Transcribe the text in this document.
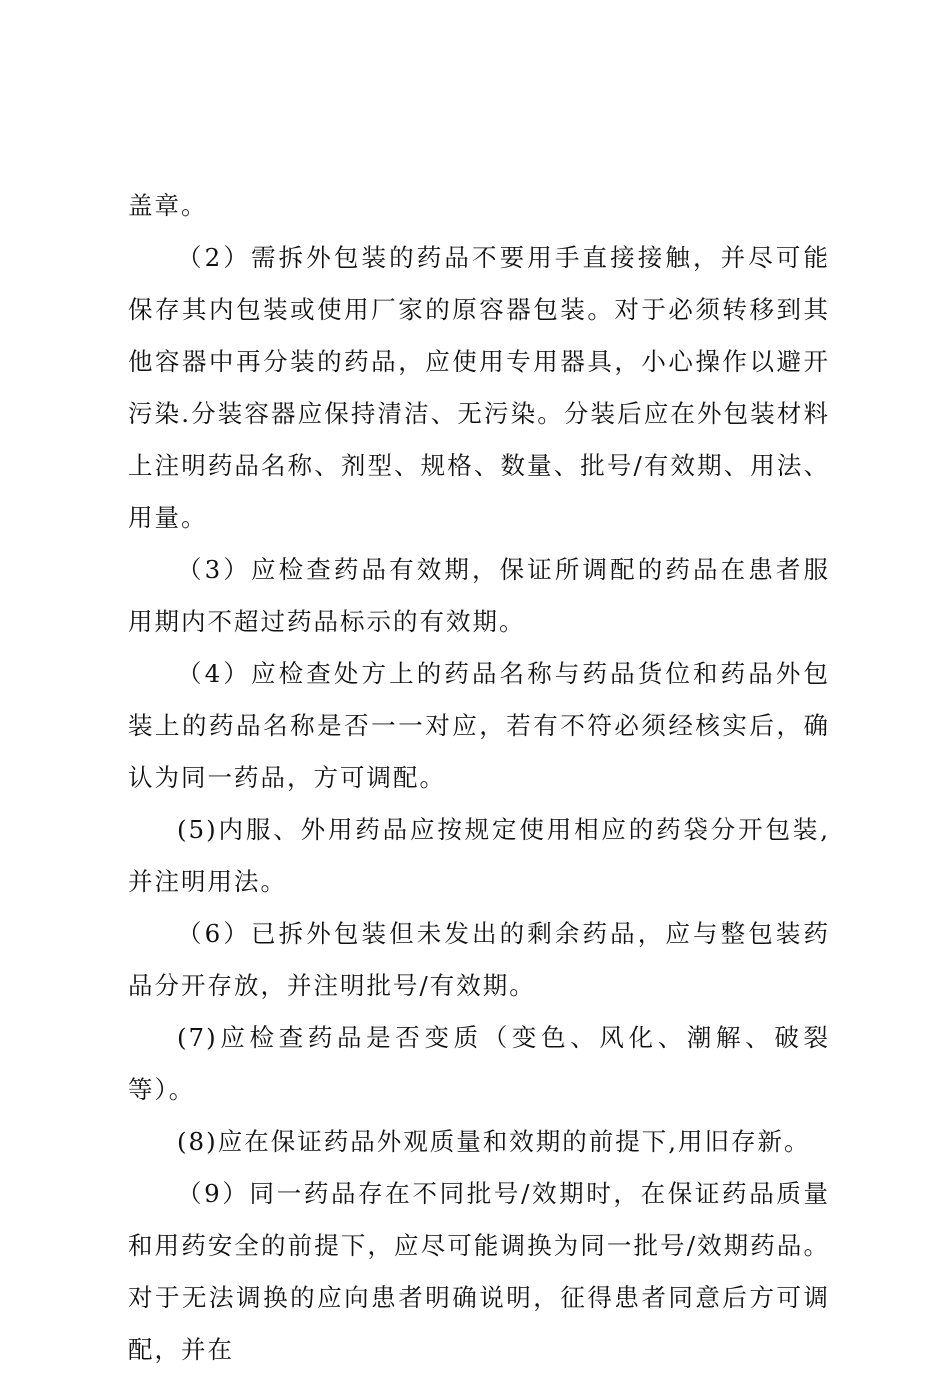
盖章。

（2）需拆外包装的药品不要用手直接接触，并尽可能保存其内包装或使用厂家的原容器包装。对于必须转移到其他容器中再分装的药品，应使用专用器具，小心操作以避开污染.分装容器应保持清洁、无污染。分装后应在外包装材料上注明药品名称、剂型、规格、数量、批号/有效期、用法、用量。

（3）应检查药品有效期，保证所调配的药品在患者服用期内不超过药品标示的有效期。

（4）应检查处方上的药品名称与药品货位和药品外包装上的药品名称是否一一对应，若有不符必须经核实后，确认为同一药品，方可调配。

(5)内服、外用药品应按规定使用相应的药袋分开包装,并注明用法。

（6）已拆外包装但未发出的剩余药品，应与整包装药品分开存放，并注明批号/有效期。

(7)应检查药品是否变质（变色、风化、潮解、破裂等）。

(8)应在保证药品外观质量和效期的前提下,用旧存新。

（9）同一药品存在不同批号/效期时，在保证药品质量和用药安全的前提下，应尽可能调换为同一批号/效期药品。对于无法调换的应向患者明确说明，征得患者同意后方可调配，并在
